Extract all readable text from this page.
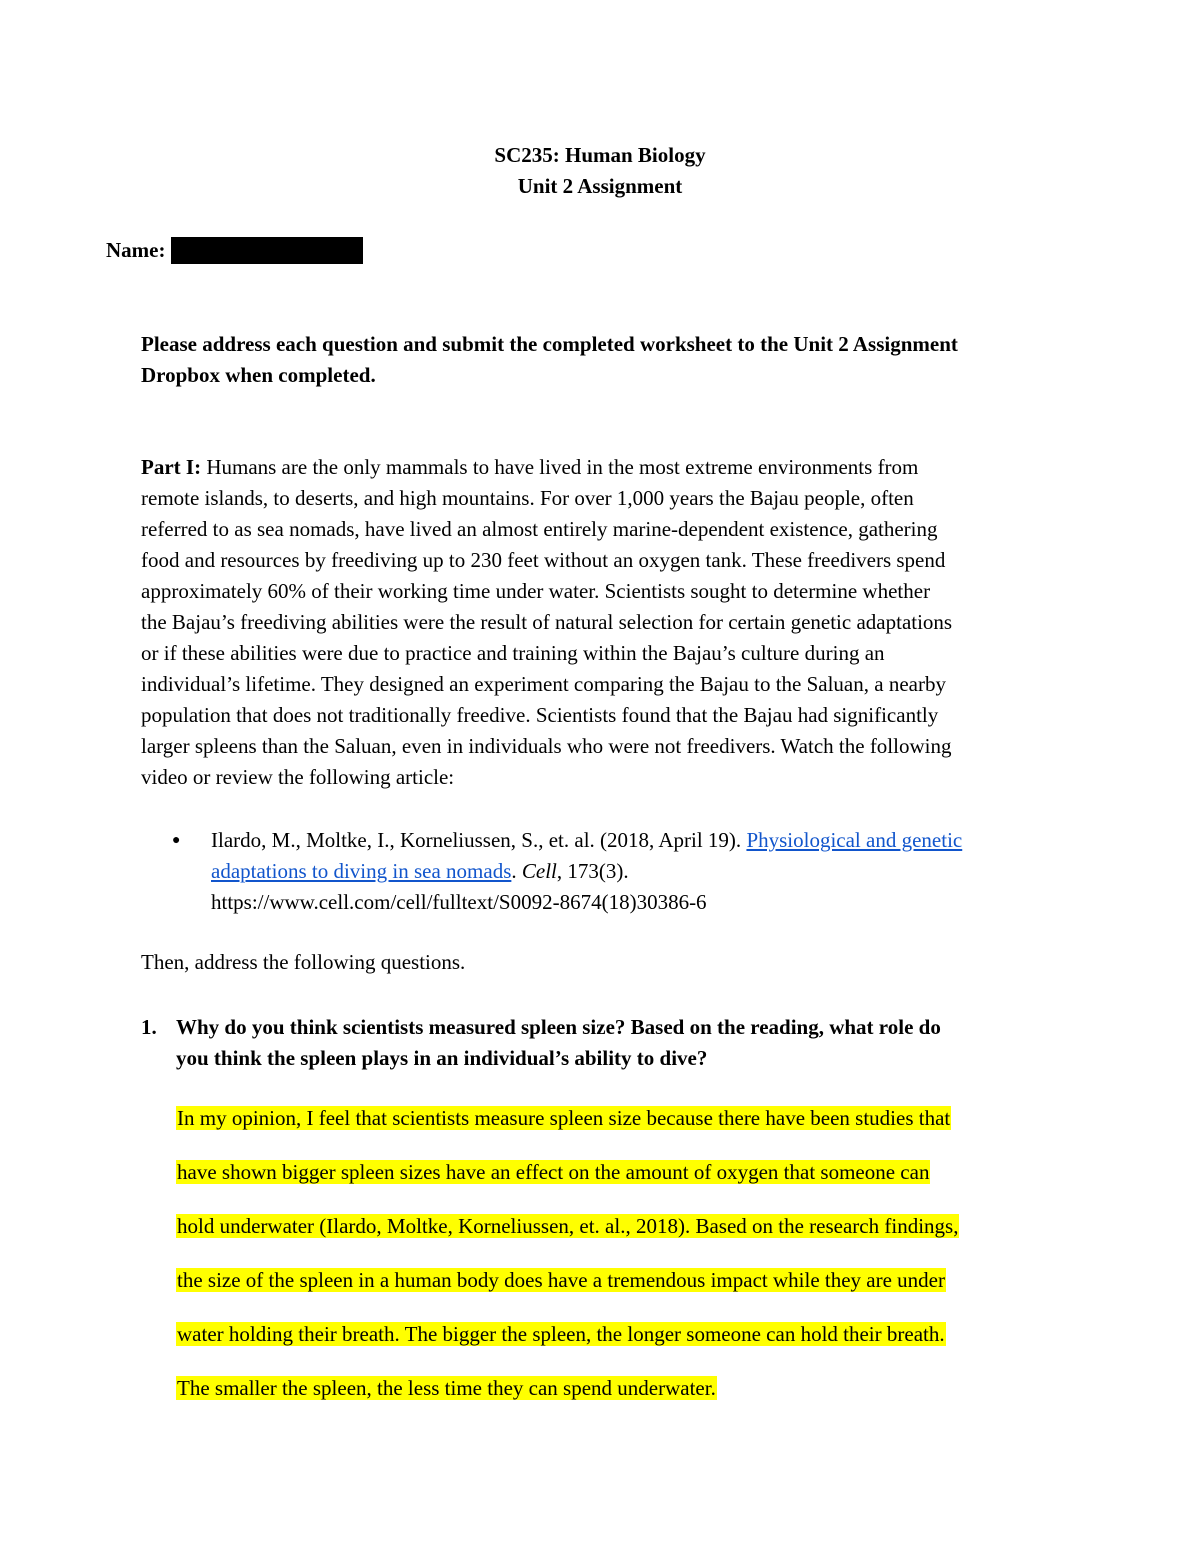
SC235: Human Biology
Unit 2 Assignment
Name:
Please address each question and submit the completed worksheet to the Unit 2 Assignment
Dropbox when completed.
Part I: Humans are the only mammals to have lived in the most extreme environments from
remote islands, to deserts, and high mountains. For over 1,000 years the Bajau people, often
referred to as sea nomads, have lived an almost entirely marine-dependent existence, gathering
food and resources by freediving up to 230 feet without an oxygen tank. These freedivers spend
approximately 60% of their working time under water. Scientists sought to determine whether
the Bajau’s freediving abilities were the result of natural selection for certain genetic adaptations
or if these abilities were due to practice and training within the Bajau’s culture during an
individual’s lifetime. They designed an experiment comparing the Bajau to the Saluan, a nearby
population that does not traditionally freedive. Scientists found that the Bajau had significantly
larger spleens than the Saluan, even in individuals who were not freedivers. Watch the following
video or review the following article:
● Ilardo, M., Moltke, I., Korneliussen, S., et. al. (2018, April 19). Physiological and genetic
adaptations to diving in sea nomads. Cell, 173(3).
https://www.cell.com/cell/fulltext/S0092-8674(18)30386-6
Then, address the following questions.
1. Why do you think scientists measured spleen size? Based on the reading, what role do
you think the spleen plays in an individual’s ability to dive?
In my opinion, I feel that scientists measure spleen size because there have been studies that
have shown bigger spleen sizes have an effect on the amount of oxygen that someone can
hold underwater (Ilardo, Moltke, Korneliussen, et. al., 2018). Based on the research findings,
the size of the spleen in a human body does have a tremendous impact while they are under
water holding their breath. The bigger the spleen, the longer someone can hold their breath.
The smaller the spleen, the less time they can spend underwater.
